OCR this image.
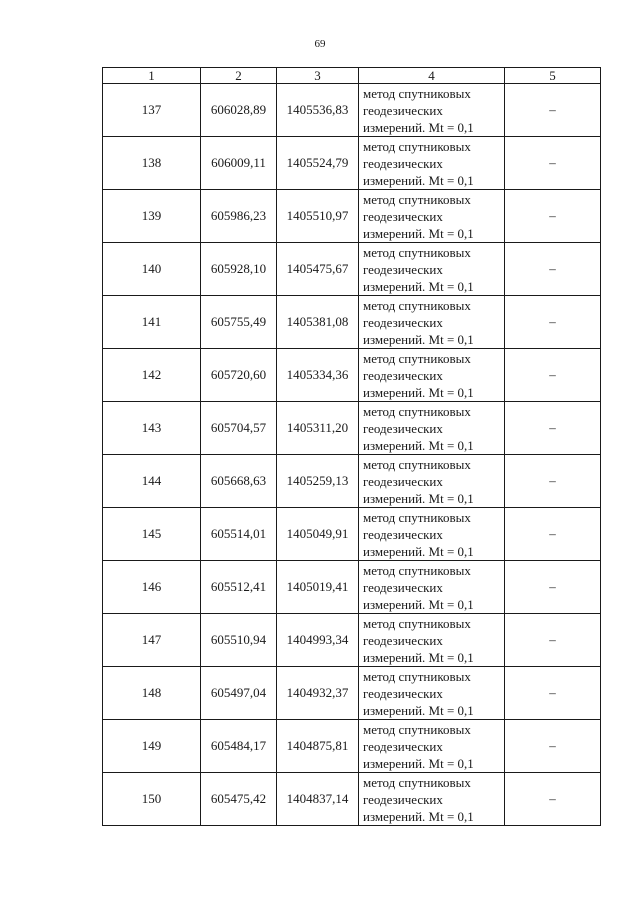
69
1	2	3	4	5
137	606028,89	1405536,83	метод спутниковых
геодезических
измерений. Mt = 0,1	–
138	606009,11	1405524,79	метод спутниковых
геодезических
измерений. Mt = 0,1	–
139	605986,23	1405510,97	метод спутниковых
геодезических
измерений. Mt = 0,1	–
140	605928,10	1405475,67	метод спутниковых
геодезических
измерений. Mt = 0,1	–
141	605755,49	1405381,08	метод спутниковых
геодезических
измерений. Mt = 0,1	–
142	605720,60	1405334,36	метод спутниковых
геодезических
измерений. Mt = 0,1	–
143	605704,57	1405311,20	метод спутниковых
геодезических
измерений. Mt = 0,1	–
144	605668,63	1405259,13	метод спутниковых
геодезических
измерений. Mt = 0,1	–
145	605514,01	1405049,91	метод спутниковых
геодезических
измерений. Mt = 0,1	–
146	605512,41	1405019,41	метод спутниковых
геодезических
измерений. Mt = 0,1	–
147	605510,94	1404993,34	метод спутниковых
геодезических
измерений. Mt = 0,1	–
148	605497,04	1404932,37	метод спутниковых
геодезических
измерений. Mt = 0,1	–
149	605484,17	1404875,81	метод спутниковых
геодезических
измерений. Mt = 0,1	–
150	605475,42	1404837,14	метод спутниковых
геодезических
измерений. Mt = 0,1	–
